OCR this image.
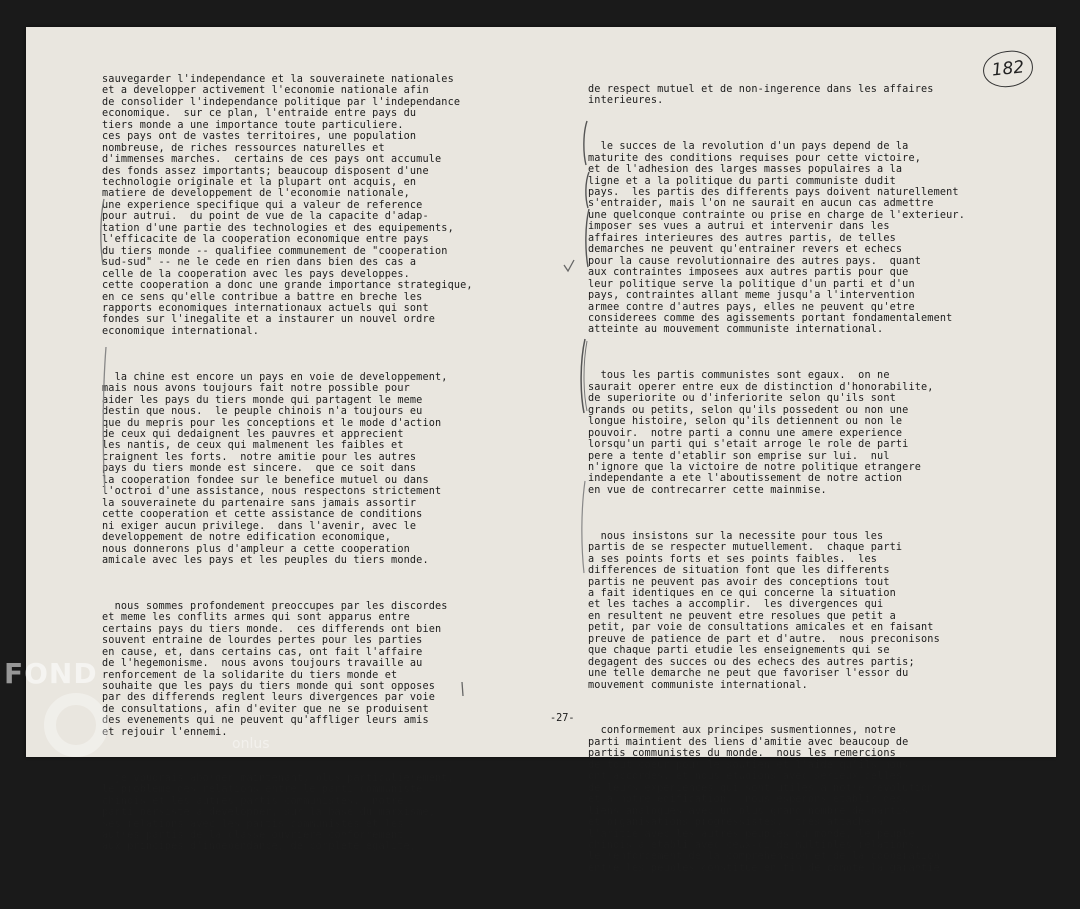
sauvegarder l'independance et la souverainete nationales
et a developper activement l'economie nationale afin
de consolider l'independance politique par l'independance
economique.  sur ce plan, l'entraide entre pays du
tiers monde a une importance toute particuliere.
ces pays ont de vastes territoires, une population
nombreuse, de riches ressources naturelles et
d'immenses marches.  certains de ces pays ont accumule
des fonds assez importants; beaucoup disposent d'une
technologie originale et la plupart ont acquis, en
matiere de developpement de l'economie nationale,
une experience specifique qui a valeur de reference
pour autrui.  du point de vue de la capacite d'adap-
tation d'une partie des technologies et des equipements,
l'efficacite de la cooperation economique entre pays
du tiers monde -- qualifiee communement de "cooperation
sud-sud" -- ne le cede en rien dans bien des cas a
celle de la cooperation avec les pays developpes.
cette cooperation a donc une grande importance strategique,
en ce sens qu'elle contribue a battre en breche les
rapports economiques internationaux actuels qui sont
fondes sur l'inegalite et a instaurer un nouvel ordre
economique international.

la chine est encore un pays en voie de developpement,
mais nous avons toujours fait notre possible pour
aider les pays du tiers monde qui partagent le meme
destin que nous.  le peuple chinois n'a toujours eu
que du mepris pour les conceptions et le mode d'action
de ceux qui dedaignent les pauvres et apprecient
les nantis, de ceux qui malmenent les faibles et
craignent les forts.  notre amitie pour les autres
pays du tiers monde est sincere.  que ce soit dans
la cooperation fondee sur le benefice mutuel ou dans
l'octroi d'une assistance, nous respectons strictement
la souverainete du partenaire sans jamais assortir
cette cooperation et cette assistance de conditions
ni exiger aucun privilege.  dans l'avenir, avec le
developpement de notre edification economique,
nous donnerons plus d'ampleur a cette cooperation
amicale avec les pays et les peuples du tiers monde.

nous sommes profondement preoccupes par les discordes
et meme les conflits armes qui sont apparus entre
certains pays du tiers monde.  ces differends ont bien
souvent entraine de lourdes pertes pour les parties
en cause, et, dans certains cas, ont fait l'affaire
de l'hegemonisme.  nous avons toujours travaille au
renforcement de la solidarite du tiers monde et
souhaite que les pays du tiers monde qui sont opposes
par des differends reglent leurs divergences par voie
de consultations, afin d'eviter que ne se produisent
des evenements qui ne peuvent qu'affliger leurs amis
et rejouir l'ennemi.

je voudrais aborder maintenant, plus particulierement,
le probleme des relations entre le parti communiste
chinois et les autres partis communistes.  notre
parti persiste a developper, sur la base du marxisme,
ses relations avec les partis communistes et les
autres partis de la classe ouvriere conformement
aux principes d'independance, de complete egalite,

de respect mutuel et de non-ingerence dans les affaires
interieures.

le succes de la revolution d'un pays depend de la
maturite des conditions requises pour cette victoire,
et de l'adhesion des larges masses populaires a la
ligne et a la politique du parti communiste dudit
pays.  les partis des differents pays doivent naturellement
s'entraider, mais l'on ne saurait en aucun cas admettre
une quelconque contrainte ou prise en charge de l'exterieur.
imposer ses vues a autrui et intervenir dans les
affaires interieures des autres partis, de telles
demarches ne peuvent qu'entrainer revers et echecs
pour la cause revolutionnaire des autres pays.  quant
aux contraintes imposees aux autres partis pour que
leur politique serve la politique d'un parti et d'un
pays, contraintes allant meme jusqu'a l'intervention
armee contre d'autres pays, elles ne peuvent qu'etre
considerees comme des agissements portant fondamentalement
atteinte au mouvement communiste international.

tous les partis communistes sont egaux.  on ne
saurait operer entre eux de distinction d'honorabilite,
de superiorite ou d'inferiorite selon qu'ils sont
grands ou petits, selon qu'ils possedent ou non une
longue histoire, selon qu'ils detiennent ou non le
pouvoir.  notre parti a connu une amere experience
lorsqu'un parti qui s'etait arroge le role de parti
pere a tente d'etablir son emprise sur lui.  nul
n'ignore que la victoire de notre politique etrangere
independante a ete l'aboutissement de notre action
en vue de contrecarrer cette mainmise.

nous insistons sur la necessite pour tous les
partis de se respecter mutuellement.  chaque parti
a ses points forts et ses points faibles.  les
differences de situation font que les differents
partis ne peuvent pas avoir des conceptions tout
a fait identiques en ce qui concerne la situation
et les taches a accomplir.  les divergences qui
en resultent ne peuvent etre resolues que petit a
petit, par voie de consultations amicales et en faisant
preuve de patience de part et d'autre.  nous preconisons
que chaque parti etudie les enseignements qui se
degagent des succes ou des echecs des autres partis;
une telle demarche ne peut que favoriser l'essor du
mouvement communiste international.

conformement aux principes susmentionnes, notre
parti maintient des liens d'amitie avec beaucoup de
partis communistes du monde.  nous les remercions
de tout coeur pour le soutien et l'aide qu'ils nous
ont accordes, et nous etudions avec serieux celles
de leurs experiences qui sont utiles a notre revolution
et a notre edification.  nous esperons etablir des
liens analogues avec un plus grand nombre de partis
et organisations progressistes.  tres attache a
l'amitie avec les autres peuples du monde, le peuple
chinois a etabli avec ceux-ci de multiples relations.
le renforcement de la comprehension et de la cooperation
entre les peuples constitue en fin de compte la garantie

-27-
182
FOND
onlus
